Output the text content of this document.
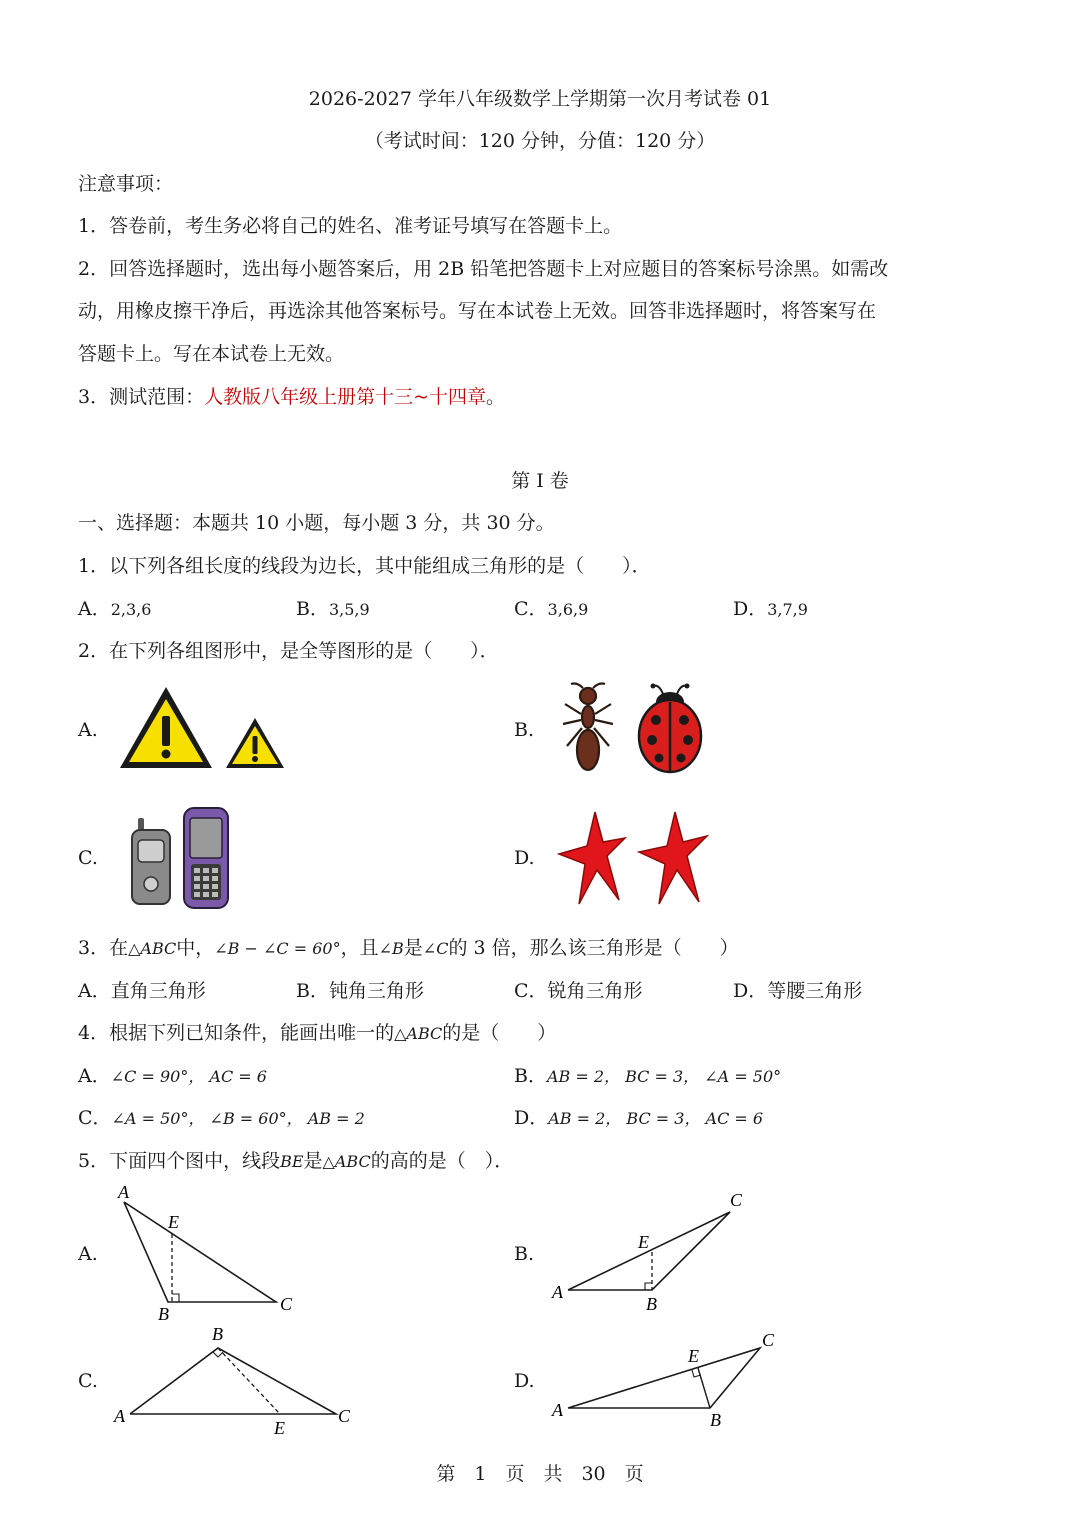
2026-2027 学年八年级数学上学期第一次月考试卷 01
（考试时间：120 分钟，分值：120 分）
注意事项：
1．答卷前，考生务必将自己的姓名、准考证号填写在答题卡上。
2．回答选择题时，选出每小题答案后，用 2B 铅笔把答题卡上对应题目的答案标号涂黑。如需改
动，用橡皮擦干净后，再选涂其他答案标号。写在本试卷上无效。回答非选择题时，将答案写在
答题卡上。写在本试卷上无效。
3．测试范围：人教版八年级上册第十三~十四章。
第 I 卷
一、选择题：本题共 10 小题，每小题 3 分，共 30 分。
1．以下列各组长度的线段为边长，其中能组成三角形的是（　　）．
A．2,3,6	B．3,5,9	C．3,6,9	D．3,7,9
2．在下列各组图形中，是全等图形的是（　　）．
A.	B.
C.	D.
3．在△ABC中，∠B − ∠C = 60°，且∠B是∠C的 3 倍，那么该三角形是（　　）
A．直角三角形	B．钝角三角形	C．锐角三角形	D．等腰三角形
4．根据下列已知条件，能画出唯一的△ABC的是（　　）
A．∠C = 90°， AC = 6	B．AB = 2， BC = 3， ∠A = 50°
C．∠A = 50°， ∠B = 60°， AB = 2	D．AB = 2， BC = 3， AC = 6
5．下面四个图中，线段BE是△ABC的高的是（　）．
A.	B.
C.	D.
A
E
B	C
A
E
B
C
A
B
E
C	A
E
B
C
第　1　页　共　30　页
